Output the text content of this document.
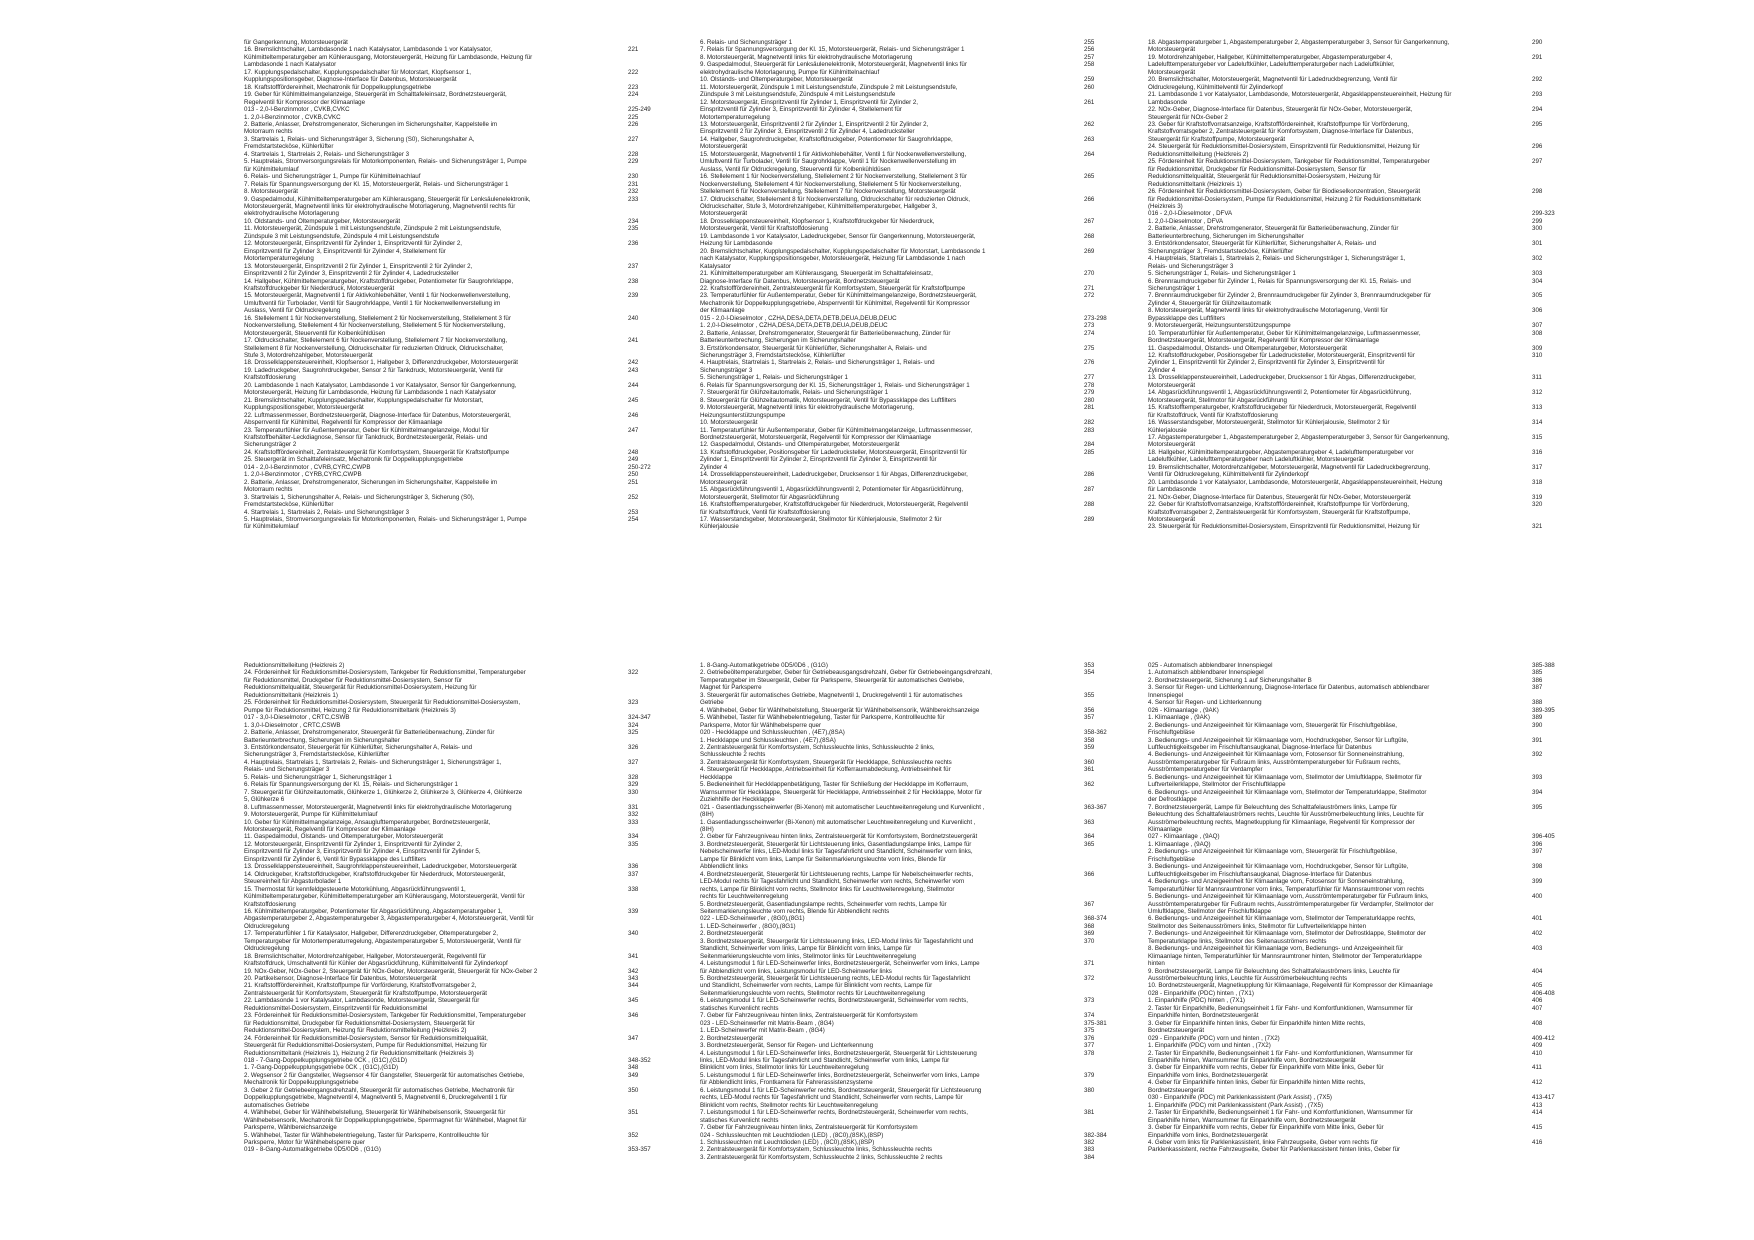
für Gangerkennung, Motorsteuergerät
16. Bremslichtschalter, Lambdasonde 1 nach Katalysator, Lambdasonde 1 vor Katalysator,	221
Kühlmitteltemperaturgeber am Kühlerausgang, Motorsteuergerät, Heizung für Lambdasonde, Heizung für
Lambdasonde 1 nach Katalysator
17. Kupplungspedalschalter, Kupplungspedalschalter für Motorstart, Klopfsensor 1,	222
Kupplungspositionsgeber, Diagnose-Interface für Datenbus, Motorsteuergerät
18. Kraftstofffördereinheit, Mechatronik für Doppelkupplungsgetriebe	223
19. Geber für Kühlmittelmangelanzeige, Steuergerät im Schalttafeleinsatz, Bordnetzsteuergerät,	224
Regelventil für Kompressor der Klimaanlage
013 - 2,0-l-Benzinmotor , CVKB,CVKC	225-249
1. 2,0-l-Benzinmotor , CVKB,CVKC	225
2. Batterie, Anlasser, Drehstromgenerator, Sicherungen im Sicherungshalter, Kappelstelle im	226
Motorraum rechts
3. Startrelais 1, Relais- und Sicherungsträger 3, Sicherung (S0), Sicherungshalter A,	227
Fremdstartstecköse, Kühlerlüfter
4. Startrelais 1, Startrelais 2, Relais- und Sicherungsträger 3	228
5. Hauptrelais, Stromversorgungsrelais für Motorkomponenten, Relais- und Sicherungsträger 1, Pumpe	229
für Kühlmittelumlauf
6. Relais- und Sicherungsträger 1, Pumpe für Kühlmittelnachlauf	230
7. Relais für Spannungsversorgung der Kl. 15, Motorsteuergerät, Relais- und Sicherungsträger 1	231
8. Motorsteuergerät	232
9. Gaspedalmodul, Kühlmitteltemperaturgeber am Kühlerausgang, Steuergerät für Lenksäulenelektronik,	233
Motorsteuergerät, Magnetventil links für elektrohydraulische Motorlagerung, Magnetventil rechts für
elektrohydraulische Motorlagerung
10. Öldstands- und Öltemperaturgeber, Motorsteuergerät	234
11. Motorsteuergerät, Zündspule 1 mit Leistungsendstufe, Zündspule 2 mit Leistungsendstufe,	235
Zündspule 3 mit Leistungsendstufe, Zündspule 4 mit Leistungsendstufe
12. Motorsteuergerät, Einspritzventil für Zylinder 1, Einspritzventil für Zylinder 2,	236
Einspritzventil für Zylinder 3, Einspritzventil für Zylinder 4, Stellelement für
Motortemperaturregelung
13. Motorsteuergerät, Einspritzventil 2 für Zylinder 1, Einspritzventil 2 für Zylinder 2,	237
Einspritzventil 2 für Zylinder 3, Einspritzventil 2 für Zylinder 4, Ladedrucksteller
14. Hallgeber, Kühlmitteltemperaturgeber, Kraftstoffdruckgeber, Potentiometer für Saugrohrklappe,	238
Kraftstoffdruckgeber für Niederdruck, Motorsteuergerät
15. Motorsteuergerät, Magnetventil 1 für Aktivkohlebehälter, Ventil 1 für Nockenwellenverstellung,	239
Umluftventil für Turbolader, Ventil für Saugrohrklappe, Ventil 1 für Nockenwellenverstellung im
Auslass, Ventil für Öldruckregelung
16. Stellelement 1 für Nockenverstellung, Stellelement 2 für Nockenverstellung, Stellelement 3 für	240
Nockenverstellung, Stellelement 4 für Nockenverstellung, Stellelement 5 für Nockenverstellung,
Motorsteuergerät, Steuerventil für Kolbenkühldüsen
17. Öldruckschalter, Stellelement 6 für Nockenverstellung, Stellelement 7 für Nockenverstellung,	241
Stellelement 8 für Nockenverstellung, Öldruckschalter für reduzierten Öldruck, Öldruckschalter,
Stufe 3, Motordrehzahlgeber, Motorsteuergerät
18. Drosselklappensteuereinheit, Klopfsensor 1, Hallgeber 3, Differenzdruckgeber, Motorsteuergerät	242
19. Ladedruckgeber, Saugrohrdruckgeber, Sensor 2 für Tankdruck, Motorsteuergerät, Ventil für	243
Kraftstoffdosierung
20. Lambdasonde 1 nach Katalysator, Lambdasonde 1 vor Katalysator, Sensor für Gangerkennung,	244
Motorsteuergerät, Heizung für Lambdasonde, Heizung für Lambdasonde 1 nach Katalysator
21. Bremslichtschalter, Kupplungspedalschalter, Kupplungspedalschalter für Motorstart,	245
Kupplungspositionsgeber, Motorsteuergerät
22. Luftmassenmesser, Bordnetzsteuergerät, Diagnose-Interface für Datenbus, Motorsteuergerät,	246
Absperrventil für Kühlmittel, Regelventil für Kompressor der Klimaanlage
23. Temperaturfühler für Außentemperatur, Geber für Kühlmittelmangelanzeige, Modul für	247
Kraftstoffbehälter-Leckdiagnose, Sensor für Tankdruck, Bordnetzsteuergerät, Relais- und
Sicherungsträger 2
24. Kraftstofffördereinheit, Zentralsteuergerät für Komfortsystem, Steuergerät für Kraftstoffpumpe	248
25. Steuergerät im Schalttafeleinsatz, Mechatronik für Doppelkupplungsgetriebe	249
014 - 2,0-l-Benzinmotor , CVRB,CYRC,CWPB	250-272
1. 2,0-l-Benzinmotor , CYRB,CYRC,CWPB	250
2. Batterie, Anlasser, Drehstromgenerator, Sicherungen im Sicherungshalter, Kappelstelle im	251
Motorraum rechts
3. Startrelais 1, Sicherungshalter A, Relais- und Sicherungsträger 3, Sicherung (S0),	252
Fremdstartstecköse, Kühlerlüfter
4. Startrelais 1, Startrelais 2, Relais- und Sicherungsträger 3	253
5. Hauptrelais, Stromversorgungsrelais für Motorkomponenten, Relais- und Sicherungsträger 1, Pumpe	254
für Kühlmittelumlauf
6. Relais- und Sicherungsträger 1	255
7. Relais für Spannungsversorgung der Kl. 15, Motorsteuergerät, Relais- und Sicherungsträger 1	256
8. Motorsteuergerät, Magnetventil links für elektrohydraulische Motorlagerung	257
9. Gaspedalmodul, Steuergerät für Lenksäulenelektronik, Motorsteuergerät, Magnetventil links für	258
elektrohydraulische Motorlagerung, Pumpe für Kühlmittelnachlauf
10. Ölstands- und Öltemperaturgeber, Motorsteuergerät	259
11. Motorsteuergerät, Zündspule 1 mit Leistungsendstufe, Zündspule 2 mit Leistungsendstufe,	260
Zündspule 3 mit Leistungsendstufe, Zündspule 4 mit Leistungsendstufe
12. Motorsteuergerät, Einspritzventil für Zylinder 1, Einspritzventil für Zylinder 2,	261
Einspritzventil für Zylinder 3, Einspritzventil für Zylinder 4, Stellelement für
Motortemperaturregelung
13. Motorsteuergerät, Einspritzventil 2 für Zylinder 1, Einspritzventil 2 für Zylinder 2,	262
Einspritzventil 2 für Zylinder 3, Einspritzventil 2 für Zylinder 4, Ladedrucksteller
14. Hallgeber, Saugrohrdruckgeber, Kraftstoffdruckgeber, Potentiometer für Saugrohrklappe,	263
Motorsteuergerät
15. Motorsteuergerät, Magnetventil 1 für Aktivkohlebehälter, Ventil 1 für Nockenwellenverstellung,	264
Umluftventil für Turbolader, Ventil für Saugrohrklappe, Ventil 1 für Nockenwellenverstellung im
Auslass, Ventil für Öldruckregelung, Steuerventil für Kolbenkühldüsen
16. Stellelement 1 für Nockenverstellung, Stellelement 2 für Nockenverstellung, Stellelement 3 für	265
Nockenverstellung, Stellelement 4 für Nockenverstellung, Stellelement 5 für Nockenverstellung,
Stellelement 6 für Nockenverstellung, Stellelement 7 für Nockenverstellung, Motorsteuergerät
17. Öldruckschalter, Stellelement 8 für Nockenverstellung, Öldruckschalter für reduzierten Öldruck,	266
Öldruckschalter, Stufe 3, Motordrehzahlgeber, Kühlmitteltemperaturgeber, Hallgeber 3,
Motorsteuergerät
18. Drosselklappensteuereinheit, Klopfsensor 1, Kraftstoffdruckgeber für Niederdruck,	267
Motorsteuergerät, Ventil für Kraftstoffdosierung
19. Lambdasonde 1 vor Katalysator, Ladedruckgeber, Sensor für Gangerkennung, Motorsteuergerät,	268
Heizung für Lambdasonde
20. Bremslichtschalter, Kupplungspedalschalter, Kupplungspedalschalter für Motorstart, Lambdasonde 1	269
nach Katalysator, Kupplungspositionsgeber, Motorsteuergerät, Heizung für Lambdasonde 1 nach
Katalysator
21. Kühlmitteltemperaturgeber am Kühlerausgang, Steuergerät im Schalttafeleinsatz,	270
Diagnose-Interface für Datenbus, Motorsteuergerät, Bordnetzsteuergerät
22. Kraftstofffördereinheit, Zentralsteuergerät für Komfortsystem, Steuergerät für Kraftstoffpumpe	271
23. Temperaturfühler für Außentemperatur, Geber für Kühlmittelmangelanzeige, Bordnetzsteuergerät,	272
Mechatronik für Doppelkupplungsgetriebe, Absperrventil für Kühlmittel, Regelventil für Kompressor
der Klimaanlage
015 - 2,0-l-Dieselmotor , CZHA,DESA,DETA,DETB,DEUA,DEUB,DEUC	273-298
1. 2,0-l-Dieselmotor , CZHA,DESA,DETA,DETB,DEUA,DEUB,DEUC	273
2. Batterie, Anlasser, Drehstromgenerator, Steuergerät für Batterieüberwachung, Zünder für	274
Batterieunterbrechung, Sicherungen im Sicherungshalter
3. Ertstörkondensator, Steuergerät für Kühlerlüfter, Sicherungshalter A, Relais- und	275
Sicherungsträger 3, Fremdstartstecköse, Kühlerlüfter
4. Hauptrelais, Startrelais 1, Startrelais 2, Relais- und Sicherungsträger 1, Relais- und	276
Sicherungsträger 3
5. Sicherungsträger 1, Relais- und Sicherungsträger 1	277
6. Relais für Spannungsversorgung der Kl. 15, Sicherungsträger 1, Relais- und Sicherungsträger 1	278
7. Steuergerät für Glühzeitautomatik, Relais- und Sicherungsträger 1	279
8. Steuergerät für Glühzeitautomatik, Motorsteuergerät, Ventil für Bypassklappe des Luftfilters	280
9. Motorsteuergerät, Magnetventil links für elektrohydraulische Motorlagerung,	281
Heizungsunterstützungspumpe
10. Motorsteuergerät	282
11. Temperaturfühler für Außentemperatur, Geber für Kühlmittelmangelanzeige, Luftmassenmesser,	283
Bordnetzsteuergerät, Motorsteuergerät, Regelventil für Kompressor der Klimaanlage
12. Gaspedalmodul, Ölstands- und Öltemperaturgeber, Motorsteuergerät	284
13. Kraftstoffdruckgeber, Positionsgeber für Ladedrucksteller, Motorsteuergerät, Einspritzventil für	285
Zylinder 1, Einspritzventil für Zylinder 2, Einspritzventil für Zylinder 3, Einspritzventil für
Zylinder 4
14. Drosselklappensteuereinheit, Ladedruckgeber, Drucksensor 1 für Abgas, Differenzdruckgeber,	286
Motorsteuergerät
15. Abgasrückführungsventil 1, Abgasrückführungsventil 2, Potentiometer für Abgasrückführung,	287
Motorsteuergerät, Stellmotor für Abgasrückführung
16. Kraftstofftemperaturgeber, Kraftstoffdruckgeber für Niederdruck, Motorsteuergerät, Regelventil	288
für Kraftstoffdruck, Ventil für Kraftstoffdosierung
17. Wasserstandsgeber, Motorsteuergerät, Stellmotor für Kühlerjalousie, Stellmotor 2 für	289
Kühlerjalousie
18. Abgastemperaturgeber 1, Abgastemperaturgeber 2, Abgastemperaturgeber 3, Sensor für Gangerkennung,	290
Motorsteuergerät
19. Motordrehzahlgeber, Hallgeber, Kühlmitteltemperaturgeber, Abgastemperaturgeber 4,	291
Ladelufttemperaturgeber vor Ladeluftkühler, Ladelufttemperaturgeber nach Ladeluftkühler,
Motorsteuergerät
20. Bremslichtschalter, Motorsteuergerät, Magnetventil für Ladedruckbegrenzung, Ventil für	292
Öldruckregelung, Kühlmittelventil für Zylinderkopf
21. Lambdasonde 1 vor Katalysator, Lambdasonde, Motorsteuergerät, Abgasklappensteuereinheit, Heizung für	293
Lambdasonde
22. NOx-Geber, Diagnose-Interface für Datenbus, Steuergerät für NOx-Geber, Motorsteuergerät,	294
Steuergerät für NOx-Geber 2
23. Geber für Kraftstoffvorratsanzeige, Kraftstofffördereinheit, Kraftstoffpumpe für Vorförderung,	295
Kraftstoffvorratsgeber 2, Zentralsteuergerät für Komfortsystem, Diagnose-Interface für Datenbus,
Steuergerät für Kraftstoffpumpe, Motorsteuergerät
24. Steuergerät für Reduktionsmittel-Dosiersystem, Einspritzventil für Reduktionsmittel, Heizung für	296
Reduktionsmittelleitung (Heizkreis 2)
25. Fördereinheit für Reduktionsmittel-Dosiersystem, Tankgeber für Reduktionsmittel, Temperaturgeber	297
für Reduktionsmittel, Druckgeber für Reduktionsmittel-Dosiersystem, Sensor für
Reduktionsmittelqualität, Steuergerät für Reduktionsmittel-Dosiersystem, Heizung für
Reduktionsmitteltank (Heizkreis 1)
26. Fördereinheit für Reduktionsmittel-Dosiersystem, Geber für Biodieselkonzentration, Steuergerät	298
für Reduktionsmittel-Dosiersystem, Pumpe für Reduktionsmittel, Heizung 2 für Reduktionsmitteltank
(Heizkreis 3)
016 - 2,0-l-Dieselmotor , DFVA	299-323
1. 2,0-l-Dieselmotor , DFVA	299
2. Batterie, Anlasser, Drehstromgenerator, Steuergerät für Batterieüberwachung, Zünder für	300
Batterieunterbrechung, Sicherungen im Sicherungshalter
3. Entstörkondensator, Steuergerät für Kühlerlüfter, Sicherungshalter A, Relais- und	301
Sicherungsträger 3, Fremdstartstecköse, Kühlerlüfter
4. Hauptrelais, Startrelais 1, Startrelais 2, Relais- und Sicherungsträger 1, Sicherungsträger 1,	302
Relais- und Sicherungsträger 3
5. Sicherungsträger 1, Relais- und Sicherungsträger 1	303
6. Brennraumdruckgeber für Zylinder 1, Relais für Spannungsversorgung der Kl. 15, Relais- und	304
Sicherungsträger 1
7. Brennraumdruckgeber für Zylinder 2, Brennraumdruckgeber für Zylinder 3, Brennraumdruckgeber für	305
Zylinder 4, Steuergerät für Glühzeitautomatik
8. Motorsteuergerät, Magnetventil links für elektrohydraulische Motorlagerung, Ventil für	306
Bypassklappe des Luftfilters
9. Motorsteuergerät, Heizungsunterstützungspumpe	307
10. Temperaturfühler für Außentemperatur, Geber für Kühlmittelmangelanzeige, Luftmassenmesser,	308
Bordnetzsteuergerät, Motorsteuergerät, Regelventil für Kompressor der Klimaanlage
11. Gaspedalmodul, Ölstands- und Öltemperaturgeber, Motorsteuergerät	309
12. Kraftstoffdruckgeber, Positionsgeber für Ladedrucksteller, Motorsteuergerät, Einspritzventil für	310
Zylinder 1, Einspritzventil für Zylinder 2, Einspritzventil für Zylinder 3, Einspritzventil für
Zylinder 4
13. Drosselklappensteuereinheit, Ladedruckgeber, Drucksensor 1 für Abgas, Differenzdruckgeber,	311
Motorsteuergerät
14. Abgasrückführungsventil 1, Abgasrückführungsventil 2, Potentiometer für Abgasrückführung,	312
Motorsteuergerät, Stellmotor für Abgasrückführung
15. Kraftstofftemperaturgeber, Kraftstoffdruckgeber für Niederdruck, Motorsteuergerät, Regelventil	313
für Kraftstoffdruck, Ventil für Kraftstoffdosierung
16. Wasserstandsgeber, Motorsteuergerät, Stellmotor für Kühlerjalousie, Stellmotor 2 für	314
Kühlerjalousie
17. Abgastemperaturgeber 1, Abgastemperaturgeber 2, Abgastemperaturgeber 3, Sensor für Gangerkennung,	315
Motorsteuergerät
18. Hallgeber, Kühlmitteltemperaturgeber, Abgastemperaturgeber 4, Ladelufttemperaturgeber vor	316
Ladeluftkühler, Ladelufttemperaturgeber nach Ladeluftkühler, Motorsteuergerät
19. Bremslichtschalter, Motordrehzahlgeber, Motorsteuergerät, Magnetventil für Ladedruckbegrenzung,	317
Ventil für Öldruckregelung, Kühlmittelventil für Zylinderkopf
20. Lambdasonde 1 vor Katalysator, Lambdasonde, Motorsteuergerät, Abgasklappensteuereinheit, Heizung	318
für Lambdasonde
21. NOx-Geber, Diagnose-Interface für Datenbus, Steuergerät für NOx-Geber, Motorsteuergerät	319
22. Geber für Kraftstoffvorratsanzeige, Kraftstofffördereinheit, Kraftstoffpumpe für Vorförderung,	320
Kraftstoffvorratsgeber 2, Zentralsteuergerät für Komfortsystem, Steuergerät für Kraftstoffpumpe,
Motorsteuergerät
23. Steuergerät für Reduktionsmittel-Dosiersystem, Einspritzventil für Reduktionsmittel, Heizung für	321
Reduktionsmittelleitung (Heizkreis 2)
24. Fördereinheit für Reduktionsmittel-Dosiersystem, Tankgeber für Reduktionsmittel, Temperaturgeber	322
für Reduktionsmittel, Druckgeber für Reduktionsmittel-Dosiersystem, Sensor für
Reduktionsmittelqualität, Steuergerät für Reduktionsmittel-Dosiersystem, Heizung für
Reduktionsmitteltank (Heizkreis 1)
25. Fördereinheit für Reduktionsmittel-Dosiersystem, Steuergerät für Reduktionsmittel-Dosiersystem,	323
Pumpe für Reduktionsmittel, Heizung 2 für Reduktionsmitteltank (Heizkreis 3)
017 - 3,0-l-Dieselmotor , CRTC,CSWB	324-347
1. 3,0-l-Dieselmotor , CRTC,CSWB	324
2. Batterie, Anlasser, Drehstromgenerator, Steuergerät für Batterieüberwachung, Zünder für	325
Batterieunterbrechung, Sicherungen im Sicherungshalter
3. Entstörkondensator, Steuergerät für Kühlerlüfter, Sicherungshalter A, Relais- und	326
Sicherungsträger 3, Fremdstartstecköse, Kühlerlüfter
4. Hauptrelais, Startrelais 1, Startrelais 2, Relais- und Sicherungsträger 1, Sicherungsträger 1,	327
Relais- und Sicherungsträger 3
5. Relais- und Sicherungsträger 1, Sicherungsträger 1	328
6. Relais für Spannungsversorgung der Kl. 15, Relais- und Sicherungsträger 1	329
7. Steuergerät für Glühzeitautomatik, Glühkerze 1, Glühkerze 2, Glühkerze 3, Glühkerze 4, Glühkerze	330
5, Glühkerze 6
8. Luftmassenmesser, Motorsteuergerät, Magnetventil links für elektrohydraulische Motorlagerung	331
9. Motorsteuergerät, Pumpe für Kühlmittelumlauf	332
10. Geber für Kühlmittelmangelanzeige, Ansauglufttemperaturgeber, Bordnetzsteuergerät,	333
Motorsteuergerät, Regelventil für Kompressor der Klimaanlage
11. Gaspedalmodul, Ölstands- und Öltemperaturgeber, Motorsteuergerät	334
12. Motorsteuergerät, Einspritzventil für Zylinder 1, Einspritzventil für Zylinder 2,	335
Einspritzventil für Zylinder 3, Einspritzventil für Zylinder 4, Einspritzventil für Zylinder 5,
Einspritzventil für Zylinder 6, Ventil für Bypassklappe des Luftfilters
13. Drosselklappensteuereinheit, Saugrohrklappensteuereinheit, Ladedruckgeber, Motorsteuergerät	336
14. Öldruckgeber, Kraftstoffdruckgeber, Kraftstoffdruckgeber für Niederdruck, Motorsteuergerät,	337
Steuereinheit für Abgasturbolader 1
15. Thermostat für kennfeldgesteuerte Motorkühlung, Abgasrückführungsventil 1,	338
Kühlmitteltemperaturgeber, Kühlmitteltemperaturgeber am Kühlerausgang, Motorsteuergerät, Ventil für
Kraftstoffdosierung
16. Kühlmitteltemperaturgeber, Potentiometer für Abgasrückführung, Abgastemperaturgeber 1,	339
Abgastemperaturgeber 2, Abgastemperaturgeber 3, Abgastemperaturgeber 4, Motorsteuergerät, Ventil für
Öldruckregelung
17. Temperaturfühler 1 für Katalysator, Hallgeber, Differenzdruckgeber, Öltemperaturgeber 2,	340
Temperaturgeber für Motortemperaturregelung, Abgastemperaturgeber 5, Motorsteuergerät, Ventil für
Öldruckregelung
18. Bremslichtschalter, Motordrehzahlgeber, Hallgeber, Motorsteuergerät, Regelventil für	341
Kraftstoffdruck, Umschaltventil für Kühler der Abgasrückführung, Kühlmittelventil für Zylinderkopf
19. NOx-Geber, NOx-Geber 2, Steuergerät für NOx-Geber, Motorsteuergerät, Steuergerät für NOx-Geber 2	342
20. Partikelsensor, Diagnose-Interface für Datenbus, Motorsteuergerät	343
21. Kraftstofffördereinheit, Kraftstoffpumpe für Vorförderung, Kraftstoffvorratsgeber 2,	344
Zentralsteuergerät für Komfortsystem, Steuergerät für Kraftstoffpumpe, Motorsteuergerät
22. Lambdasonde 1 vor Katalysator, Lambdasonde, Motorsteuergerät, Steuergerät für	345
Reduktionsmittel-Dosiersystem, Einspritzventil für Reduktionsmittel
23. Fördereinheit für Reduktionsmittel-Dosiersystem, Tankgeber für Reduktionsmittel, Temperaturgeber	346
für Reduktionsmittel, Druckgeber für Reduktionsmittel-Dosiersystem, Steuergerät für
Reduktionsmittel-Dosiersystem, Heizung für Reduktionsmittelleitung (Heizkreis 2)
24. Fördereinheit für Reduktionsmittel-Dosiersystem, Sensor für Reduktionsmittelqualität,	347
Steuergerät für Reduktionsmittel-Dosiersystem, Pumpe für Reduktionsmittel, Heizung für
Reduktionsmitteltank (Heizkreis 1), Heizung 2 für Reduktionsmitteltank (Heizkreis 3)
018 - 7-Gang-Doppelkupplungsgetriebe 0CK , (G1C),(G1D)	348-352
1. 7-Gang-Doppelkupplungsgetriebe 0CK , (G1C),(G1D)	348
2. Wegsensor 2 für Gangsteller, Wegsensor 4 für Gangsteller, Steuergerät für automatisches Getriebe,	349
Mechatronik für Doppelkupplungsgetriebe
3. Geber 2 für Getriebeeingangsdrehzahl, Steuergerät für automatisches Getriebe, Mechatronik für	350
Doppelkupplungsgetriebe, Magnetventil 4, Magnetventil 5, Magnetventil 6, Druckregelventil 1 für
automatisches Getriebe
4. Wählhebel, Geber für Wählhebelstellung, Steuergerät für Wählhebelsensorik, Steuergerät für	351
Wählhebelsensorik, Mechatronik für Doppelkupplungsgetriebe, Sperrmagnet für Wählhebel, Magnet für
Parksperre, Wählbereichsanzeige
5. Wählhebel, Taster für Wählhebelentriegelung, Taster für Parksperre, Kontrollleuchte für	352
Parksperre, Motor für Wählhebelsperre quer
019 - 8-Gang-Automatikgetriebe 0D5/0D6 , (G1G)	353-357
1. 8-Gang-Automatikgetriebe 0D5/0D6 , (G1G)	353
2. Getriebeöltemperaturgeber, Geber für Getriebeausgangsdrehzahl, Geber für Getriebeeingangsdrehzahl,	354
Temperaturgeber im Steuergerät, Geber für Parksperre, Steuergerät für automatisches Getriebe,
Magnet für Parksperre
3. Steuergerät für automatisches Getriebe, Magnetventil 1, Druckregelventil 1 für automatisches	355
Getriebe
4. Wählhebel, Geber für Wählhebelstellung, Steuergerät für Wählhebelsensorik, Wählbereichsanzeige	356
5. Wählhebel, Taster für Wählhebelentriegelung, Taster für Parksperre, Kontrollleuchte für	357
Parksperre, Motor für Wählhebelsperre quer
020 - Heckklappe und Schlussleuchten , (4E7),(8SA)	358-362
1. Heckklappe und Schlussleuchten , (4E7),(8SA)	358
2. Zentralsteuergerät für Komfortsystem, Schlussleuchte links, Schlussleuchte 2 links,	359
Schlussleuchte 2 rechts
3. Zentralsteuergerät für Komfortsystem, Steuergerät für Heckklappe, Schlussleuchte rechts	360
4. Steuergerät für Heckklappe, Antriebseinheit für Kofferraumabdeckung, Antriebseinheit für	361
Heckklappe
5. Bedieneinheit für Heckklappenbetätigung, Taster für Schließung der Heckklappe im Kofferraum,	362
Warnsummer für Heckklappe, Steuergerät für Heckklappe, Antriebsseinheit 2 für Heckklappe, Motor für
Zuziehhilfe der Heckklappe
021 - Gasentladungsscheinwerfer (Bi-Xenon) mit automatischer Leuchtweitenregelung und Kurvenlicht ,	363-367
(8IH)
1. Gasentladungsscheinwerfer (Bi-Xenon) mit automatischer Leuchtweitenregelung und Kurvenlicht ,	363
(8IH)
2. Geber für Fahrzeugniveau hinten links, Zentralsteuergerät für Komfortsystem, Bordnetzsteuergerät	364
3. Bordnetzsteuergerät, Steuergerät für Lichtsteuerung links, Gasentladungslampe links, Lampe für	365
Nebelscheinwerfer links, LED-Modul links für Tagesfahrlicht und Standlicht, Scheinwerfer vorn links,
Lampe für Blinklicht vorn links, Lampe für Seitenmarkierungsleuchte vorn links, Blende für
Abblendlicht links
4. Bordnetzsteuergerät, Steuergerät für Lichtsteuerung rechts, Lampe für Nebelscheinwerfer rechts,	366
LED-Modul rechts für Tagesfahrlicht und Standlicht, Scheinwerfer vorn rechts, Scheinwerfer vorn
rechts, Lampe für Blinklicht vorn rechts, Stellmotor links für Leuchtweitenregelung, Stellmotor
rechts für Leuchtweitenregelung
5. Bordnetzsteuergerät, Gasentladungslampe rechts, Scheinwerfer vorn rechts, Lampe für	367
Seitenmarkierungsleuchte vorn rechts, Blende für Abblendlicht rechts
022 - LED-Scheinwerfer , (8G0),(8G1)	368-374
1. LED-Scheinwerfer , (8G0),(8G1)	368
2. Bordnetzsteuergerät	369
3. Bordnetzsteuergerät, Steuergerät für Lichtsteuerung links, LED-Modul links für Tagesfahrlicht und	370
Standlicht, Scheinwerfer vorn links, Lampe für Blinklicht vorn links, Lampe für
Seitenmarkierungsleuchte vorn links, Stellmotor links für Leuchtweitenregelung
4. Leistungsmodul 1 für LED-Scheinwerfer links, Bordnetzsteuergerät, Scheinwerfer vorn links, Lampe	371
für Abblendlicht vorn links, Leistungsmodul für LED-Scheinwerfer links
5. Bordnetzsteuergerät, Steuergerät für Lichtsteuerung rechts, LED-Modul rechts für Tagesfahrlicht	372
und Standlicht, Scheinwerfer vorn rechts, Lampe für Blinklicht vorn rechts, Lampe für
Seitenmarkierungsleuchte vorn rechts, Stellmotor rechts für Leuchtweitenregelung
6. Leistungsmodul 1 für LED-Scheinwerfer rechts, Bordnetzsteuergerät, Scheinwerfer vorn rechts,	373
statisches Kurvenlicht rechts
7. Geber für Fahrzeugniveau hinten links, Zentralsteuergerät für Komfortsystem	374
023 - LED-Scheinwerfer mit Matrix-Beam , (8G4)	375-381
1. LED-Scheinwerfer mit Matrix-Beam , (8G4)	375
2. Bordnetzsteuergerät	376
3. Bordnetzsteuergerät, Sensor für Regen- und Lichterkennung	377
4. Leistungsmodul 1 für LED-Scheinwerfer links, Bordnetzsteuergerät, Steuergerät für Lichtsteuerung	378
links, LED-Modul links für Tagesfahrlicht und Standlicht, Scheinwerfer vorn links, Lampe für
Blinklicht vorn links, Stellmotor links für Leuchtweitenregelung
5. Leistungsmodul 1 für LED-Scheinwerfer links, Bordnetzsteuergerät, Scheinwerfer vorn links, Lampe	379
für Abblendlicht links, Frontkamera für Fahrerassistenzsysteme
6. Leistungsmodul 1 für LED-Scheinwerfer rechts, Bordnetzsteuergerät, Steuergerät für Lichtsteuerung	380
rechts, LED-Modul rechts für Tagesfahrlicht und Standlicht, Scheinwerfer vorn rechts, Lampe für
Blinklicht vorn rechts, Stellmotor rechts für Leuchtweitenregelung
7. Leistungsmodul 1 für LED-Scheinwerfer rechts, Bordnetzsteuergerät, Scheinwerfer vorn rechts,	381
statisches Kurvenlicht rechts
7. Geber für Fahrzeugniveau hinten links, Zentralsteuergerät für Komfortsystem
024 - Schlussleuchten mit Leuchtdioden (LED) , (8C0),(8SK),(8SP)	382-384
1. Schlussleuchten mit Leuchtdioden (LED) , (8C0),(8SK),(8SP)	382
2. Zentralsteuergerät für Komfortsystem, Schlussleuchte links, Schlussleuchte rechts	383
3. Zentralsteuergerät für Komfortsystem, Schlussleuchte 2 links, Schlussleuchte 2 rechts	384
025 - Automatisch abblendbarer Innenspiegel	385-388
1. Automatisch abblendbarer Innenspiegel	385
2. Bordnetzsteuergerät, Sicherung 1 auf Sicherungshalter B	386
3. Sensor für Regen- und Lichterkennung, Diagnose-Interface für Datenbus, automatisch abblendbarer	387
Innenspiegel
4. Sensor für Regen- und Lichterkennung	388
026 - Klimaanlage , (9AK)	389-395
1. Klimaanlage , (9AK)	389
2. Bedienungs- und Anzeigeeinheit für Klimaanlage vorn, Steuergerät für Frischluftgebläse,	390
Frischluftgebläse
3. Bedienungs- und Anzeigeeinheit für Klimaanlage vorn, Hochdruckgeber, Sensor für Luftgüte,	391
Luftfeuchtigkeitsgeber im Frischluftansaugkanal, Diagnose-Interface für Datenbus
4. Bedienungs- und Anzeigeeinheit für Klimaanlage vorn, Fotosensor für Sonneneinstrahlung,	392
Ausströmtemperaturgeber für Fußraum links, Ausströmtemperaturgeber für Fußraum rechts,
Ausströmtemperaturgeber für Verdampfer
5. Bedienungs- und Anzeigeeinheit für Klimaanlage vorn, Stellmotor der Umluftklappe, Stellmotor für	393
Luftverteilerklappe, Stellmotor der Frischluftklappe
6. Bedienungs- und Anzeigeeinheit für Klimaanlage vorn, Stellmotor der Temperaturklappe, Stellmotor	394
der Defrostklappe
7. Bordnetzsteuergerät, Lampe für Beleuchtung des Schalttafelauströmers links, Lampe für	395
Beleuchtung des Schalttafelauströmers rechts, Leuchte für Ausströmerbeleuchtung links, Leuchte für
Ausströmerbeleuchtung rechts, Magnetkupplung für Klimaanlage, Regelventil für Kompressor der
Klimaanlage
027 - Klimaanlage , (9AQ)	396-405
1. Klimaanlage , (9AQ)	396
2. Bedienungs- und Anzeigeeinheit für Klimaanlage vorn, Steuergerät für Frischluftgebläse,	397
Frischluftgebläse
3. Bedienungs- und Anzeigeeinheit für Klimaanlage vorn, Hochdruckgeber, Sensor für Luftgüte,	398
Luftfeuchtigkeitsgeber im Frischluftansaugkanal, Diagnose-Interface für Datenbus
4. Bedienungs- und Anzeigeeinheit für Klimaanlage vorn, Fotosensor für Sonneneinstrahlung,	399
Temperaturfühler für Mannsraumtroner vorn links, Temperaturfühler für Mannsraumtroner vorn rechts
5. Bedienungs- und Anzeigeeinheit für Klimaanlage vorn, Ausströmtemperaturgeber für Fußraum links,	400
Ausströmtemperaturgeber für Fußraum rechts, Ausströmtemperaturgeber für Verdampfer, Stellmotor der
Umluftklappe, Stellmotor der Frischluftklappe
6. Bedienungs- und Anzeigeeinheit für Klimaanlage vorn, Stellmotor der Temperaturklappe rechts,	401
Stellmotor des Seitenausströmers links, Stellmotor für Luftverteilerklappe hinten
7. Bedienungs- und Anzeigeeinheit für Klimaanlage vorn, Stellmotor der Defrostklappe, Stellmotor der	402
Temperaturklappe links, Stellmotor des Seitenausströmers rechts
8. Bedienungs- und Anzeigeeinheit für Klimaanlage vorn, Bedienungs- und Anzeigeeinheit für	403
Klimaanlage hinten, Temperaturfühler für Mannsraumtroner hinten, Stellmotor der Temperaturklappe
hinten
9. Bordnetzsteuergerät, Lampe für Beleuchtung des Schalttafelauströmers links, Leuchte für	404
Ausströmerbeleuchtung links, Leuchte für Ausströmerbeleuchtung rechts
10. Bordnetzsteuergerät, Magnetkupplung für Klimaanlage, Regelventil für Kompressor der Klimaanlage	405
028 - Einparkhilfe (PDC) hinten , (7X1)	406-408
1. Einparkhilfe (PDC) hinten , (7X1)	406
2. Taster für Einparkhilfe, Bedienungseinheit 1 für Fahr- und Komfortfunktionen, Warnsummer für	407
Einparkhilfe hinten, Bordnetzsteuergerät
3. Geber für Einparkhilfe hinten links, Geber für Einparkhilfe hinten Mitte rechts,	408
Bordnetzsteuergerät
029 - Einparkhilfe (PDC) vorn und hinten , (7X2)	409-412
1. Einparkhilfe (PDC) vorn und hinten , (7X2)	409
2. Taster für Einparkhilfe, Bedienungseinheit 1 für Fahr- und Komfortfunktionen, Warnsummer für	410
Einparkhilfe hinten, Warnsummer für Einparkhilfe vorn, Bordnetzsteuergerät
3. Geber für Einparkhilfe vorn rechts, Geber für Einparkhilfe vorn Mitte links, Geber für	411
Einparkhilfe vorn links, Bordnetzsteuergerät
4. Geber für Einparkhilfe hinten links, Geber für Einparkhilfe hinten Mitte rechts,	412
Bordnetzsteuergerät
030 - Einparkhilfe (PDC) mit Parklenkassistent (Park Assist) , (7X5)	413-417
1. Einparkhilfe (PDC) mit Parklenkassistent (Park Assist) , (7X5)	413
2. Taster für Einparkhilfe, Bedienungseinheit 1 für Fahr- und Komfortfunktionen, Warnsummer für	414
Einparkhilfe hinten, Warnsummer für Einparkhilfe vorn, Bordnetzsteuergerät
3. Geber für Einparkhilfe vorn rechts, Geber für Einparkhilfe vorn Mitte links, Geber für	415
Einparkhilfe vorn links, Bordnetzsteuergerät
4. Geber vorn links für Parklenkassistent, linke Fahrzeugseite, Geber vorn rechts für	416
Parklenkassistent, rechte Fahrzeugseite, Geber für Parklenkassistent hinten links, Geber für
